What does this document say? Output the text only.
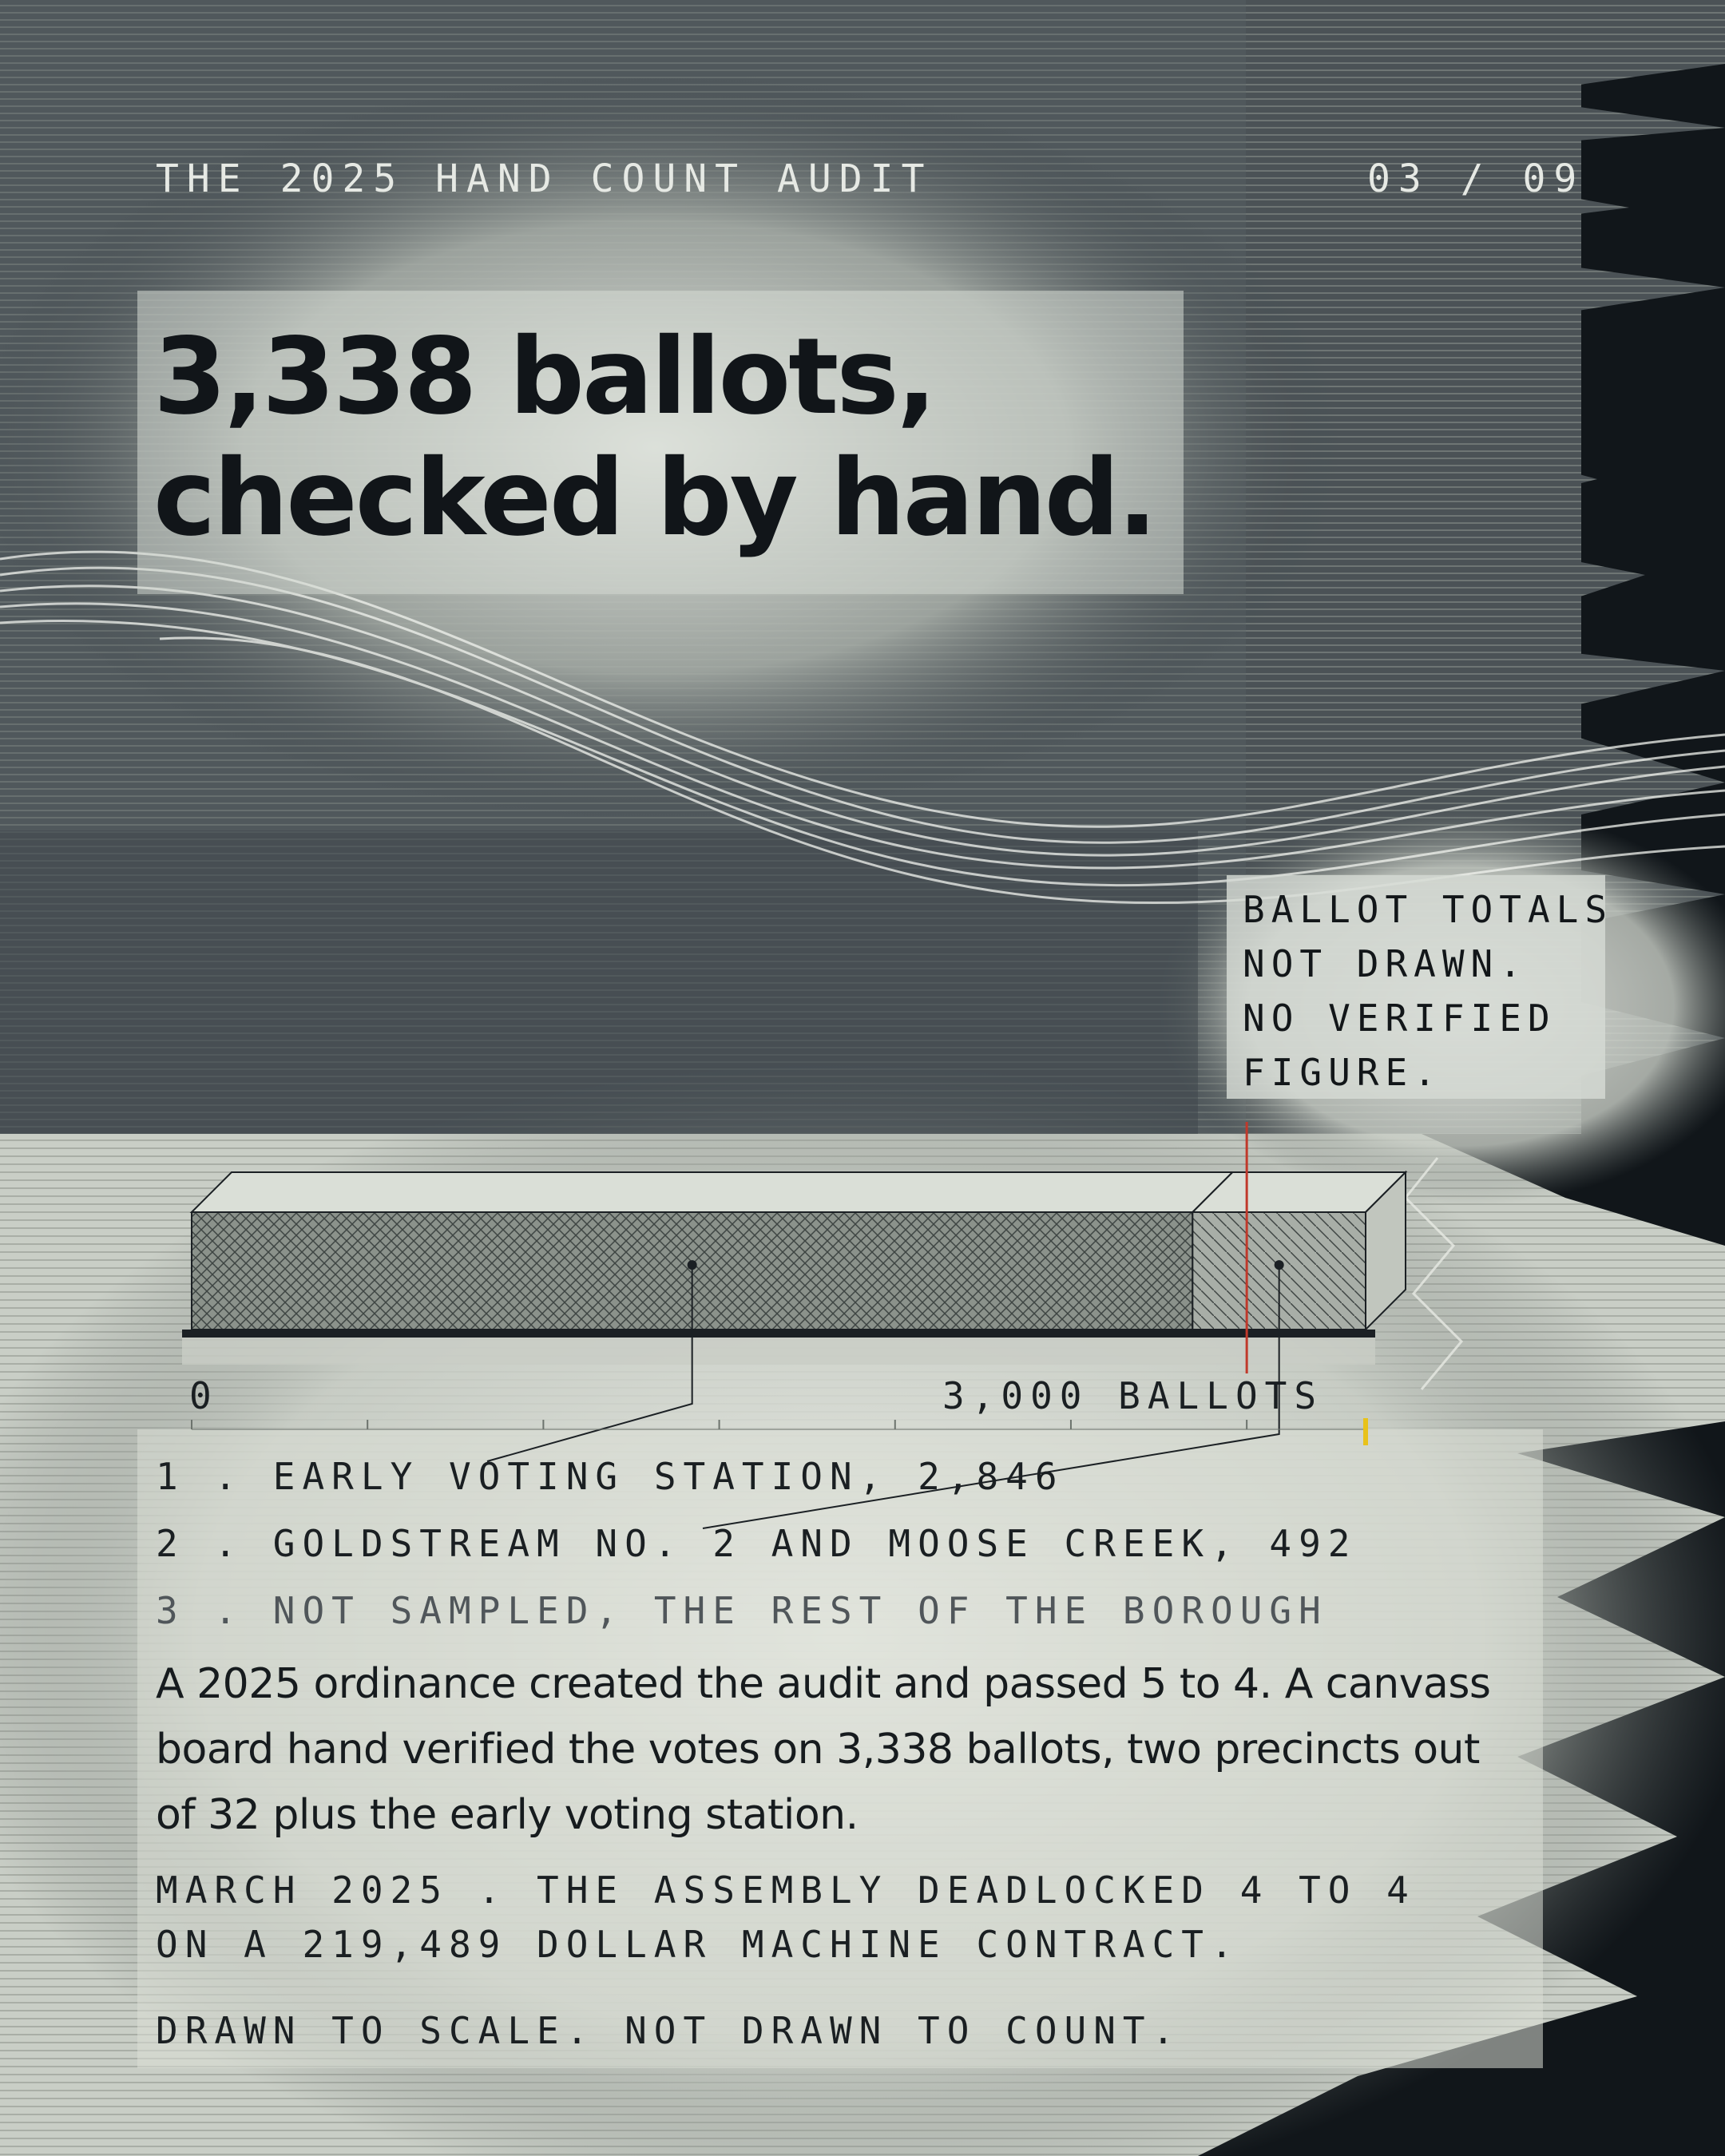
THE 2025 HAND COUNT AUDIT	03 / 09
3,338 ballots,
checked by hand.
BALLOT TOTALS
NOT DRAWN.
NO VERIFIED
FIGURE.
0	3,000 BALLOTS
1 . EARLY VOTING STATION, 2,846
2 . GOLDSTREAM NO. 2 AND MOOSE CREEK, 492
3 . NOT SAMPLED, THE REST OF THE BOROUGH

A 2025 ordinance created the audit and passed 5 to 4. A canvass board hand verified the votes on 3,338 ballots, two precincts out of 32 plus the early voting station.

MARCH 2025 . THE ASSEMBLY DEADLOCKED 4 TO 4
ON A 219,489 DOLLAR MACHINE CONTRACT.
DRAWN TO SCALE. NOT DRAWN TO COUNT.
